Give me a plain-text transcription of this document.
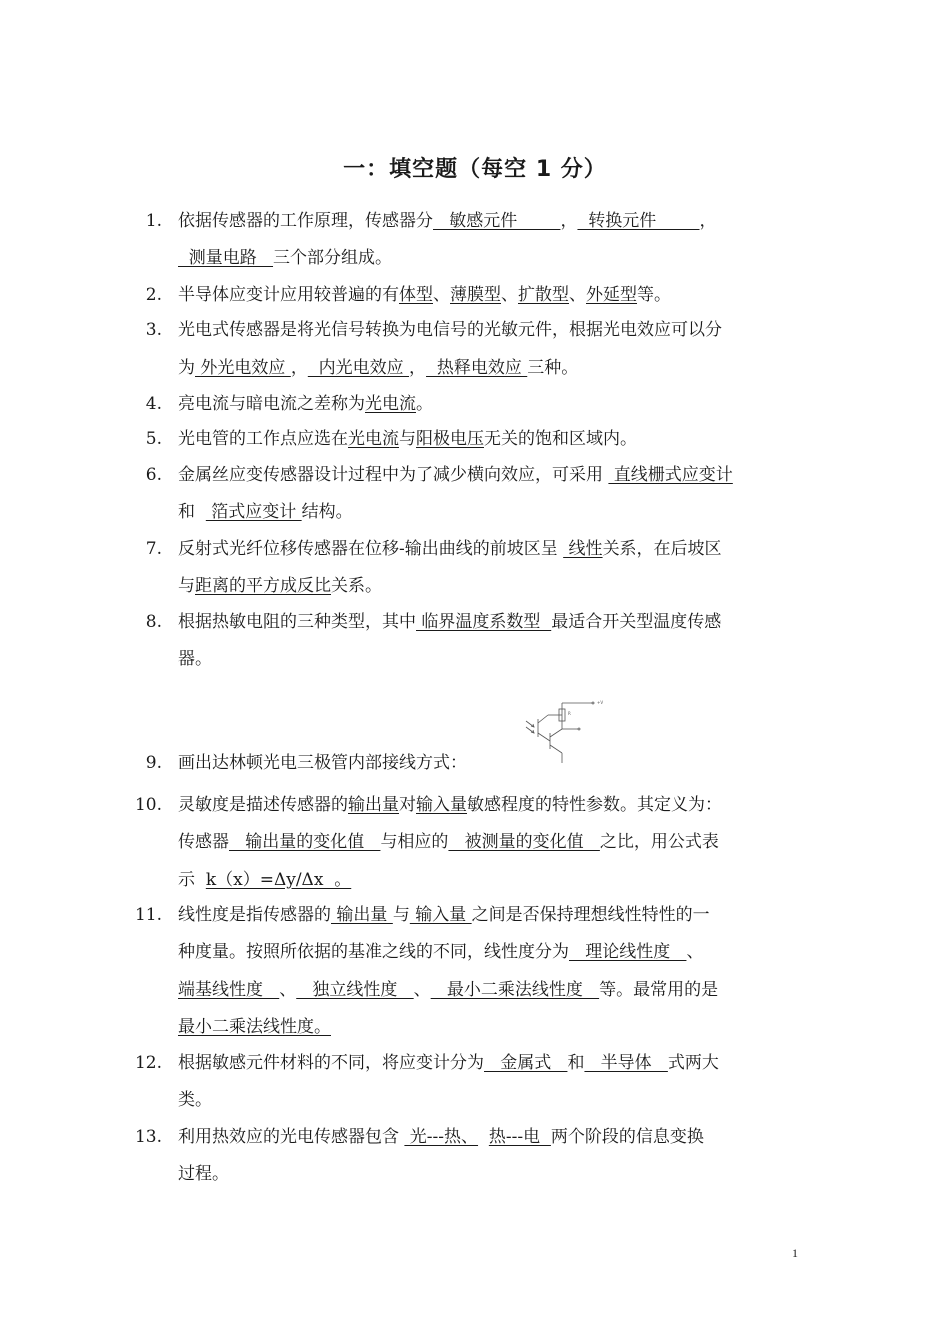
一：填空题（每空 1 分）
1. 依据传感器的工作原理，传感器分   敏感元件        ，  转换元件        ，
测量电路   三个部分组成。
2. 半导体应变计应用较普遍的有体型、薄膜型、扩散型、外延型等。
3. 光电式传感器是将光信号转换为电信号的光敏元件，根据光电效应可以分
为 外光电效应 ，  内光电效应 ，  热释电效应 三种。
4. 亮电流与暗电流之差称为光电流。
5. 光电管的工作点应选在光电流与阳极电压无关的饱和区域内。
6. 金属丝应变传感器设计过程中为了减少横向效应，可采用  直线栅式应变计
和   箔式应变计 结构。
7. 反射式光纤位移传感器在位移-输出曲线的前坡区呈  线性关系，在后坡区
与距离的平方成反比关系。
8. 根据热敏电阻的三种类型，其中 临界温度系数型  最适合开关型温度传感
器。
9. 画出达林顿光电三极管内部接线方式：
10. 灵敏度是描述传感器的输出量对输入量敏感程度的特性参数。其定义为：
传感器   输出量的变化值   与相应的   被测量的变化值   之比，用公式表
示  k（x）=Δy/Δx  。
11. 线性度是指传感器的 输出量 与 输入量 之间是否保持理想线性特性的一
种度量。按照所依据的基准之线的不同，线性度分为   理论线性度   、
端基线性度   、   独立线性度   、   最小二乘法线性度   等。最常用的是
最小二乘法线性度。
12. 根据敏感元件材料的不同，将应变计分为   金属式   和   半导体   式两大
类。
13. 利用热效应的光电传感器包含  光---热、 热---电  两个阶段的信息变换
过程。
R
+V
1
